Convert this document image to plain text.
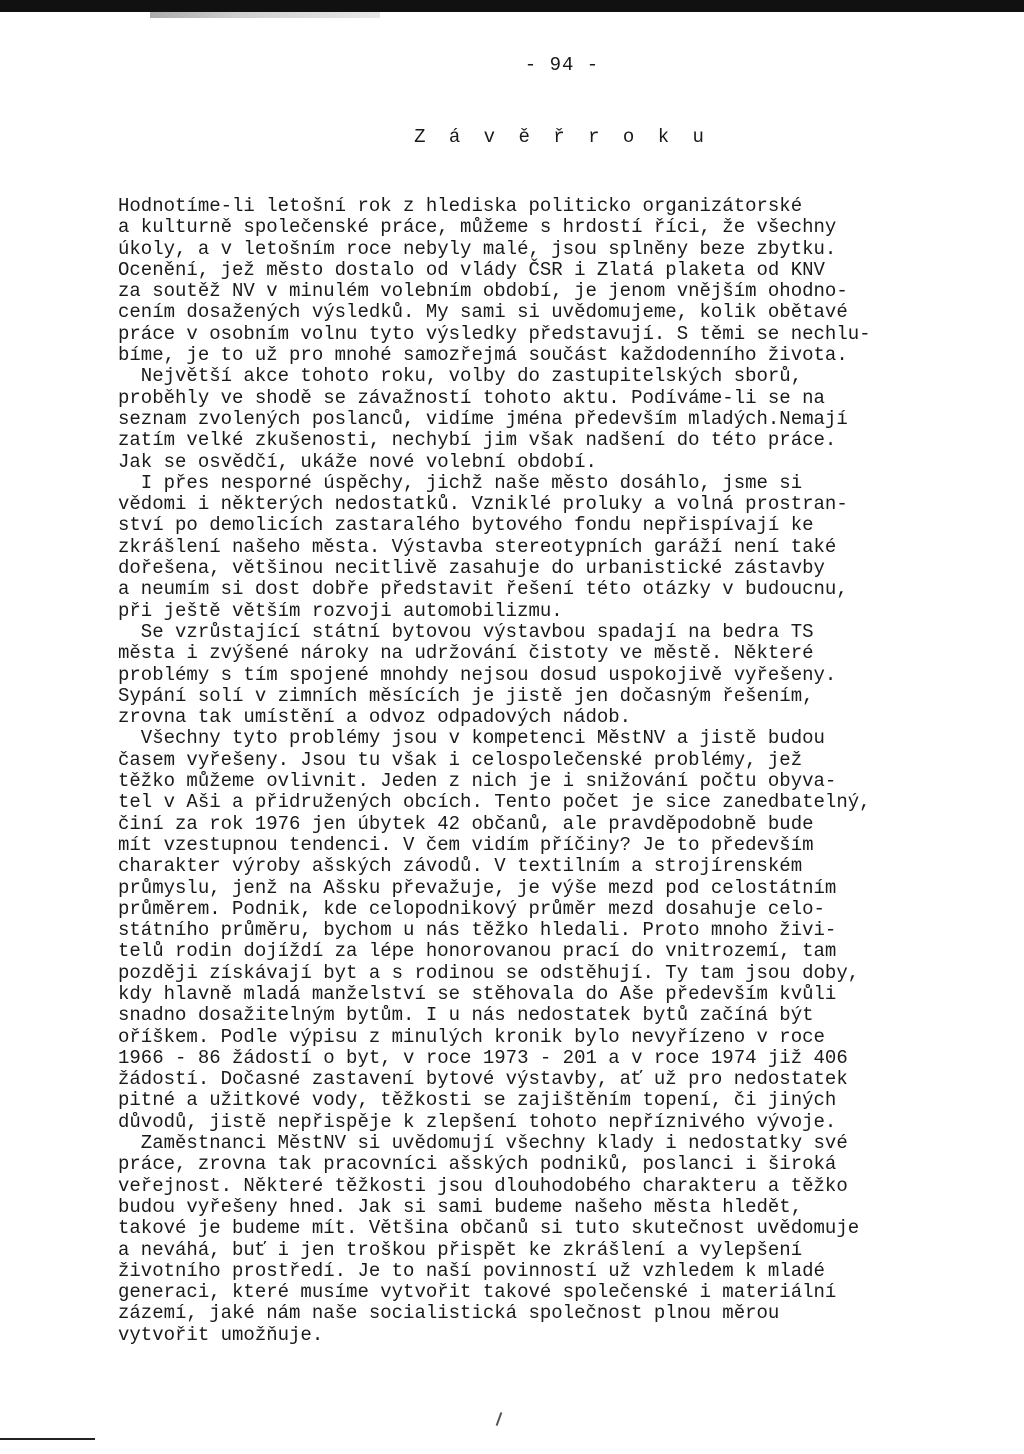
- 94 -
Z á v ě ř r o k u
Hodnotíme-li letošní rok z hlediska politicko organizátorské
a kulturně společenské práce, můžeme s hrdostí říci, že všechny
úkoly, a v letošním roce nebyly malé, jsou splněny beze zbytku.
Ocenění, jež město dostalo od vlády ČSR i Zlatá plaketa od KNV
za soutěž NV v minulém volebním období, je jenom vnějším ohodno-
cením dosažených výsledků. My sami si uvědomujeme, kolik obětavé
práce v osobním volnu tyto výsledky představují. S těmi se nechlu-
bíme, je to už pro mnohé samozřejmá součást každodenního života.
Největší akce tohoto roku, volby do zastupitelských sborů,
proběhly ve shodě se závažností tohoto aktu. Podíváme-li se na
seznam zvolených poslanců, vidíme jména především mladých.Nemají
zatím velké zkušenosti, nechybí jim však nadšení do této práce.
Jak se osvědčí, ukáže nové volební období.
I přes nesporné úspěchy, jichž naše město dosáhlo, jsme si
vědomi i některých nedostatků. Vzniklé proluky a volná prostran-
ství po demolicích zastaralého bytového fondu nepřispívají ke
zkrášlení našeho města. Výstavba stereotypních garáží není také
dořešena, většinou necitlivě zasahuje do urbanistické zástavby
a neumím si dost dobře představit řešení této otázky v budoucnu,
při ještě větším rozvoji automobilizmu.
Se vzrůstající státní bytovou výstavbou spadají na bedra TS
města i zvýšené nároky na udržování čistoty ve městě. Některé
problémy s tím spojené mnohdy nejsou dosud uspokojivě vyřešeny.
Sypání solí v zimních měsících je jistě jen dočasným řešením,
zrovna tak umístění a odvoz odpadových nádob.
Všechny tyto problémy jsou v kompetenci MěstNV a jistě budou
časem vyřešeny. Jsou tu však i celospolečenské problémy, jež
těžko můžeme ovlivnit. Jeden z nich je i snižování počtu obyva-
tel v Aši a přidružených obcích. Tento počet je sice zanedbatelný,
činí za rok 1976 jen úbytek 42 občanů, ale pravděpodobně bude
mít vzestupnou tendenci. V čem vidím příčiny? Je to především
charakter výroby ašských závodů. V textilním a strojírenském
průmyslu, jenž na Ašsku převažuje, je výše mezd pod celostátním
průměrem. Podnik, kde celopodnikový průměr mezd dosahuje celo-
státního průměru, bychom u nás těžko hledali. Proto mnoho živi-
telů rodin dojíždí za lépe honorovanou prací do vnitrozemí, tam
později získávají byt a s rodinou se odstěhují. Ty tam jsou doby,
kdy hlavně mladá manželství se stěhovala do Aše především kvůli
snadno dosažitelným bytům. I u nás nedostatek bytů začíná být
oříškem. Podle výpisu z minulých kronik bylo nevyřízeno v roce
1966 - 86 žádostí o byt, v roce 1973 - 201 a v roce 1974 již 406
žádostí. Dočasné zastavení bytové výstavby, ať už pro nedostatek
pitné a užitkové vody, těžkosti se zajištěním topení, či jiných
důvodů, jistě nepřispěje k zlepšení tohoto nepříznivého vývoje.
Zaměstnanci MěstNV si uvědomují všechny klady i nedostatky své
práce, zrovna tak pracovníci ašských podniků, poslanci i široká
veřejnost. Některé těžkosti jsou dlouhodobého charakteru a těžko
budou vyřešeny hned. Jak si sami budeme našeho města hledět,
takové je budeme mít. Většina občanů si tuto skutečnost uvědomuje
a neváhá, buť i jen troškou přispět ke zkrášlení a vylepšení
životního prostředí. Je to naší povinností už vzhledem k mladé
generaci, které musíme vytvořit takové společenské i materiální
zázemí, jaké nám naše socialistická společnost plnou měrou
vytvořit umožňuje.
